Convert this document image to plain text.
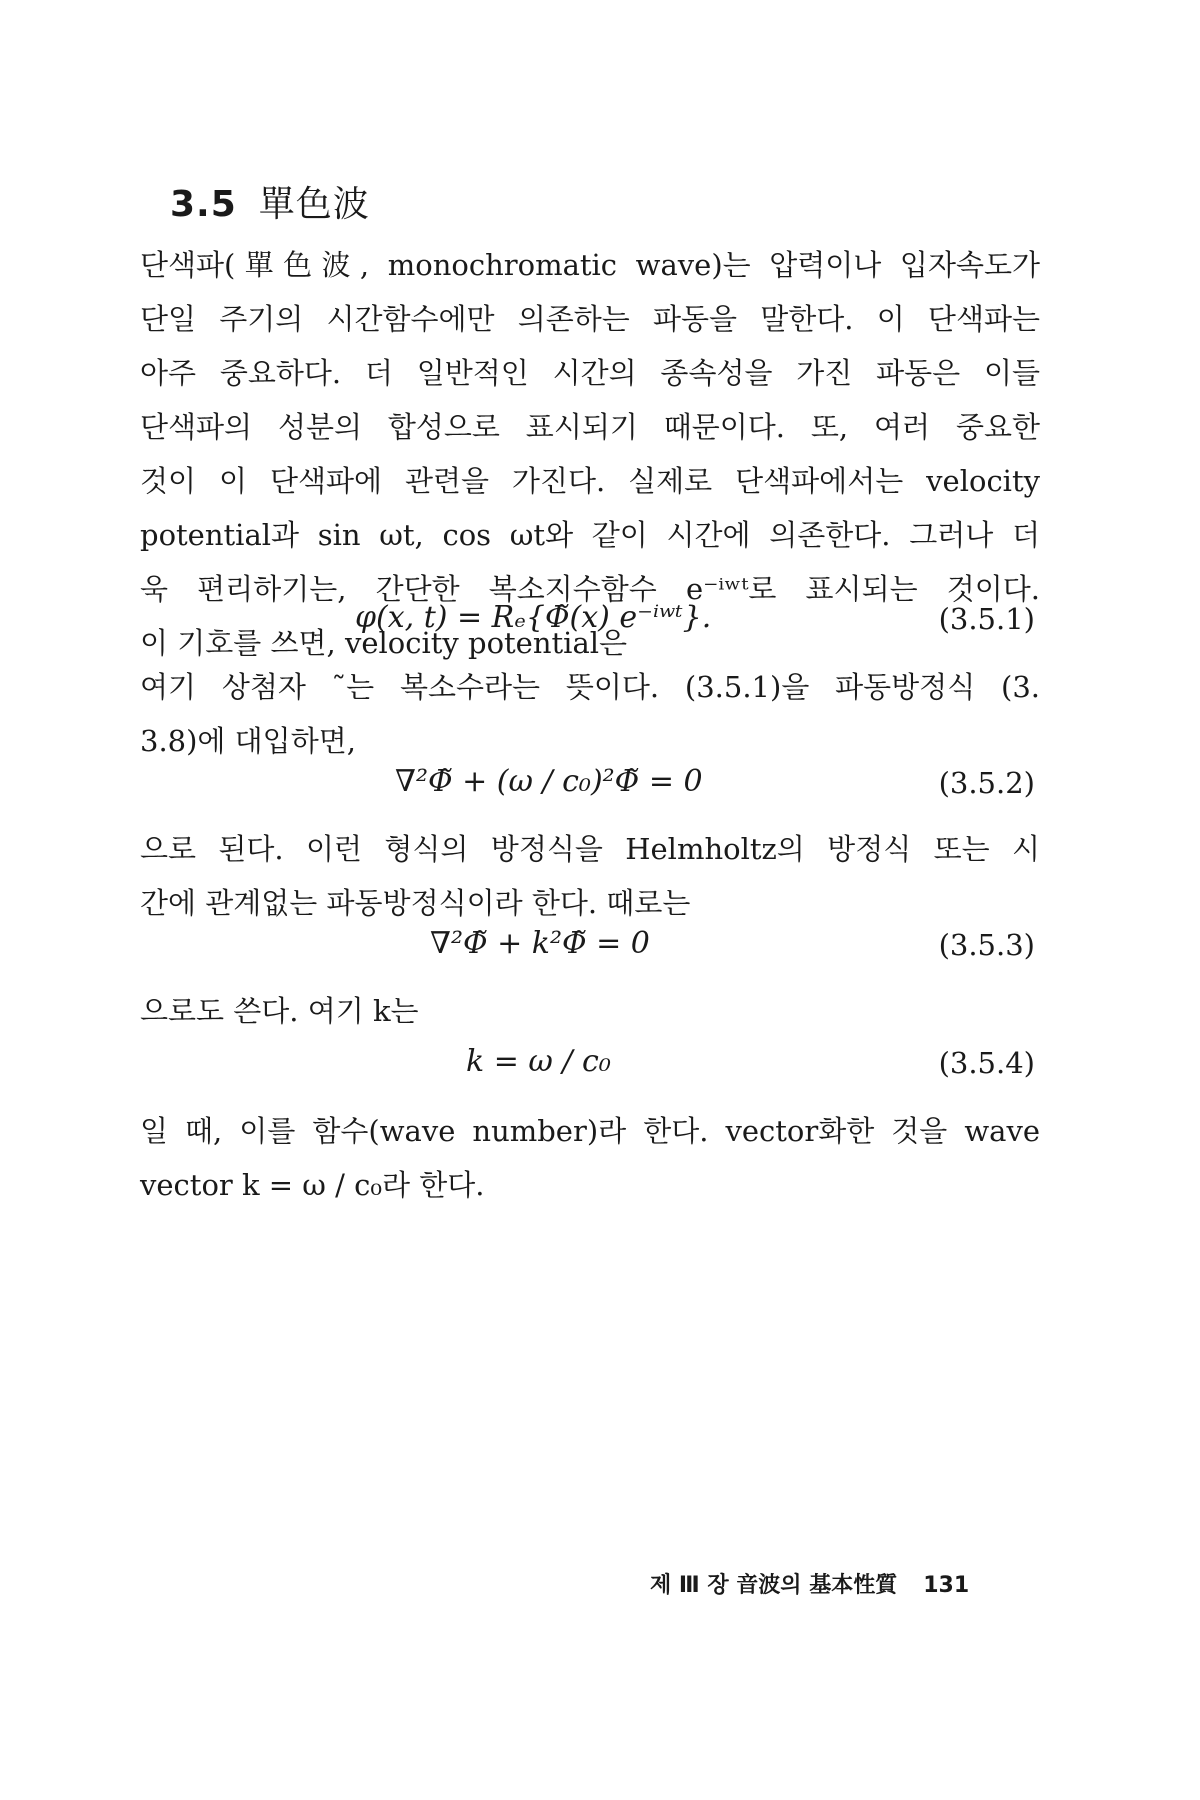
3.5 單色波
단색파(單色波, monochromatic wave)는 압력이나 입자속도가
단일 주기의 시간함수에만 의존하는 파동을 말한다. 이 단색파는
아주 중요하다. 더 일반적인 시간의 종속성을 가진 파동은 이들
단색파의 성분의 합성으로 표시되기 때문이다. 또, 여러 중요한
것이 이 단색파에 관련을 가진다. 실제로 단색파에서는 velocity
potential과 sin ωt, cos ωt와 같이 시간에 의존한다. 그러나 더
욱 편리하기는, 간단한 복소지수함수 e⁻ⁱʷᵗ로 표시되는 것이다.
이 기호를 쓰면, velocity potential은
φ(x, t) = Rₑ{Φ̃(x) e⁻ⁱʷᵗ}.	(3.5.1)
여기 상첨자 ˜는 복소수라는 뜻이다. (3.5.1)을 파동방정식 (3.
3.8)에 대입하면,
∇²Φ̃ + (ω / c₀)²Φ̃ = 0	(3.5.2)
으로 된다. 이런 형식의 방정식을 Helmholtz의 방정식 또는 시
간에 관계없는 파동방정식이라 한다. 때로는
∇²Φ̃ + k²Φ̃ = 0	(3.5.3)
으로도 쓴다. 여기 k는
k = ω / c₀	(3.5.4)
일 때, 이를 함수(wave number)라 한다. vector화한 것을 wave
vector k = ω / c₀라 한다.
제 Ⅲ 장 音波의 基本性質 131
